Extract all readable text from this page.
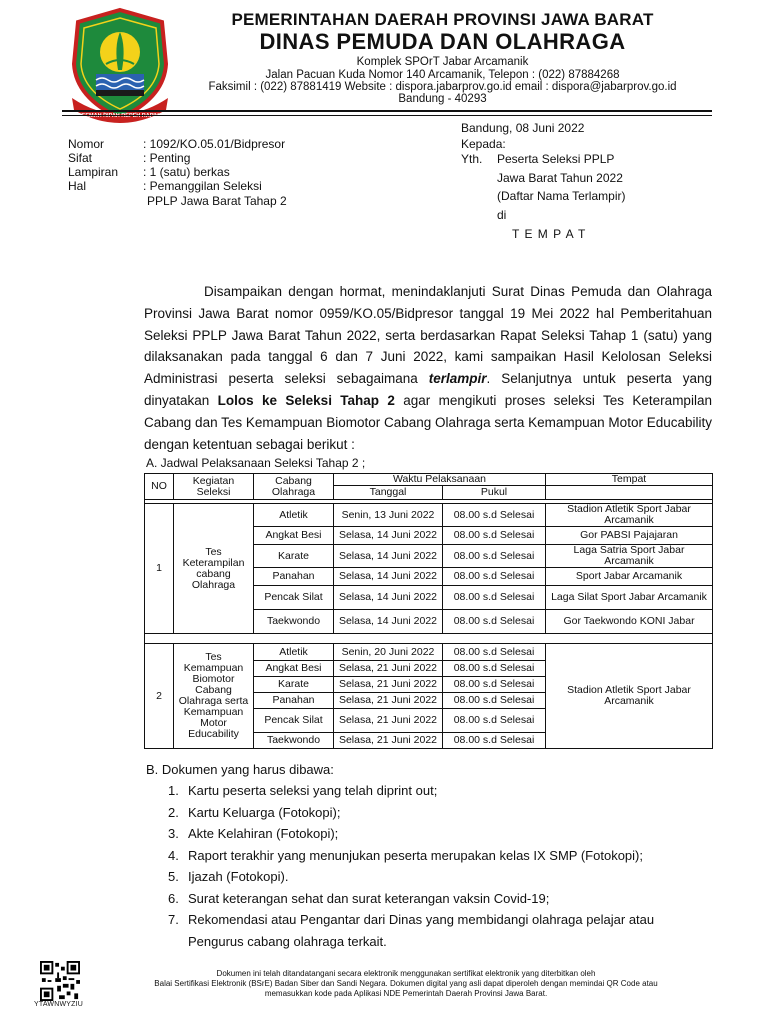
GEMAH RIPAH REPEH RAPIH
PEMERINTAHAN DAERAH PROVINSI JAWA BARAT
DINAS PEMUDA DAN OLAHRAGA
Komplek SPOrT Jabar Arcamanik
Jalan Pacuan Kuda Nomor 140 Arcamanik, Telepon : (022) 87884268
Faksimil : (022) 87881419 Website : dispora.jabarprov.go.id email : dispora@jabarprov.go.id
Bandung - 40293
Nomor	: 1092/KO.05.01/Bidpresor
Sifat	: Penting
Lampiran : 1 (satu) berkas
Hal	: Pemanggilan Seleksi
PPLP Jawa Barat Tahap 2
Bandung, 08 Juni 2022
Kepada:
Yth. Peserta Seleksi PPLP
Jawa Barat Tahun 2022
(Daftar Nama Terlampir)
di
T E M P A T
Disampaikan dengan hormat, menindaklanjuti Surat Dinas Pemuda dan Olahraga Provinsi Jawa Barat nomor 0959/KO.05/Bidpresor tanggal 19 Mei 2022 hal Pemberitahuan Seleksi PPLP Jawa Barat Tahun 2022, serta berdasarkan Rapat Seleksi Tahap 1 (satu) yang dilaksanakan pada tanggal 6 dan 7 Juni 2022, kami sampaikan Hasil Kelolosan Seleksi Administrasi peserta seleksi sebagaimana terlampir. Selanjutnya untuk peserta yang dinyatakan Lolos ke Seleksi Tahap 2 agar mengikuti proses seleksi Tes Keterampilan Cabang dan Tes Kemampuan Biomotor Cabang Olahraga serta Kemampuan Motor Educability dengan ketentuan sebagai berikut :
A. Jadwal Pelaksanaan Seleksi Tahap 2 ;
NO	Kegiatan Seleksi	Cabang Olahraga	Waktu Pelaksanaan		Tempat
			Tanggal	Pukul	

1	Tes Keterampilan cabang Olahraga	Atletik	Senin, 13 Juni 2022	08.00 s.d Selesai	Stadion Atletik Sport Jabar Arcamanik
		Angkat Besi	Selasa, 14 Juni 2022	08.00 s.d Selesai	Gor PABSI Pajajaran
		Karate	Selasa, 14 Juni 2022	08.00 s.d Selesai	Laga Satria Sport Jabar Arcamanik
		Panahan	Selasa, 14 Juni 2022	08.00 s.d Selesai	Sport Jabar Arcamanik
		Pencak Silat	Selasa, 14 Juni 2022	08.00 s.d Selesai	Laga Silat Sport Jabar Arcamanik
		Taekwondo	Selasa, 14 Juni 2022	08.00 s.d Selesai	Gor Taekwondo KONI Jabar

2	Tes Kemampuan Biomotor Cabang Olahraga serta Kemampuan Motor Educability	Atletik	Senin, 20 Juni 2022	08.00 s.d Selesai	Stadion Atletik Sport Jabar Arcamanik
		Angkat Besi	Selasa, 21 Juni 2022	08.00 s.d Selesai	
		Karate	Selasa, 21 Juni 2022	08.00 s.d Selesai	
		Panahan	Selasa, 21 Juni 2022	08.00 s.d Selesai	
		Pencak Silat	Selasa, 21 Juni 2022	08.00 s.d Selesai	
		Taekwondo	Selasa, 21 Juni 2022	08.00 s.d Selesai	
B. Dokumen yang harus dibawa:
1. Kartu peserta seleksi yang telah diprint out;
2. Kartu Keluarga (Fotokopi);
3. Akte Kelahiran (Fotokopi);
4. Raport terakhir yang menunjukan peserta merupakan kelas IX SMP (Fotokopi);
5. Ijazah (Fotokopi).
6. Surat keterangan sehat dan surat keterangan vaksin Covid-19;
7. Rekomendasi atau Pengantar dari Dinas yang membidangi olahraga pelajar atau
Pengurus cabang olahraga terkait.
YTAWNWYZIU
Dokumen ini telah ditandatangani secara elektronik menggunakan sertifikat elektronik yang diterbitkan oleh
Balai Sertifikasi Elektronik (BSrE) Badan Siber dan Sandi Negara. Dokumen digital yang asli dapat diperoleh dengan memindai QR Code atau
memasukkan kode pada Aplikasi NDE Pemerintah Daerah Provinsi Jawa Barat.
